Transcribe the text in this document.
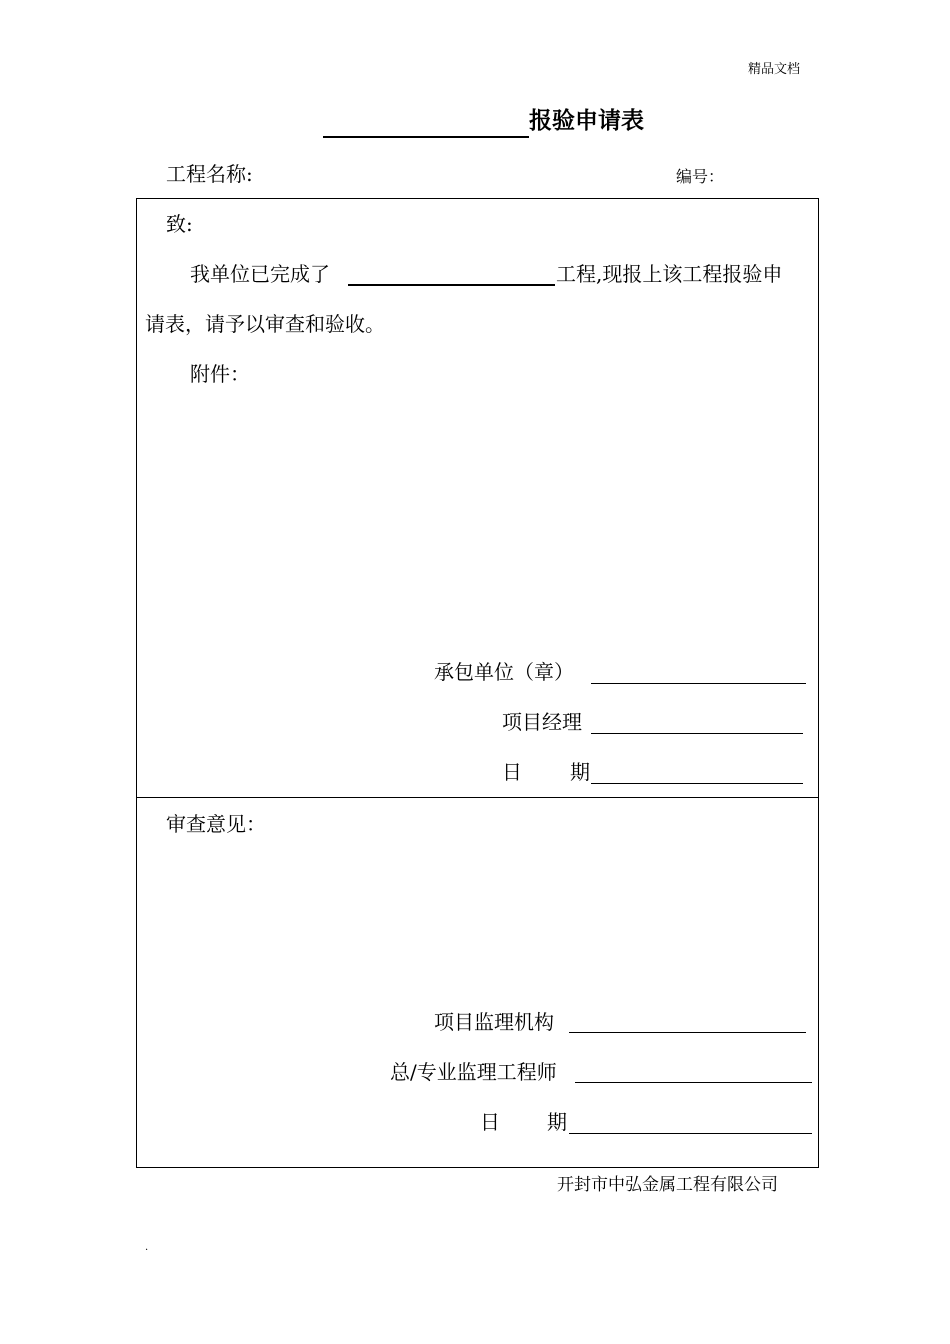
精品文档
报验申请表
工程名称:	编号：
致:
我单位已完成了	工程,现报上该工程报验申
请表，请予以审查和验收。
附件：
承包单位（章）
项目经理
日 期
审查意见：
项目监理机构
总/专业监理工程师
日 期
开封市中弘金属工程有限公司
.
